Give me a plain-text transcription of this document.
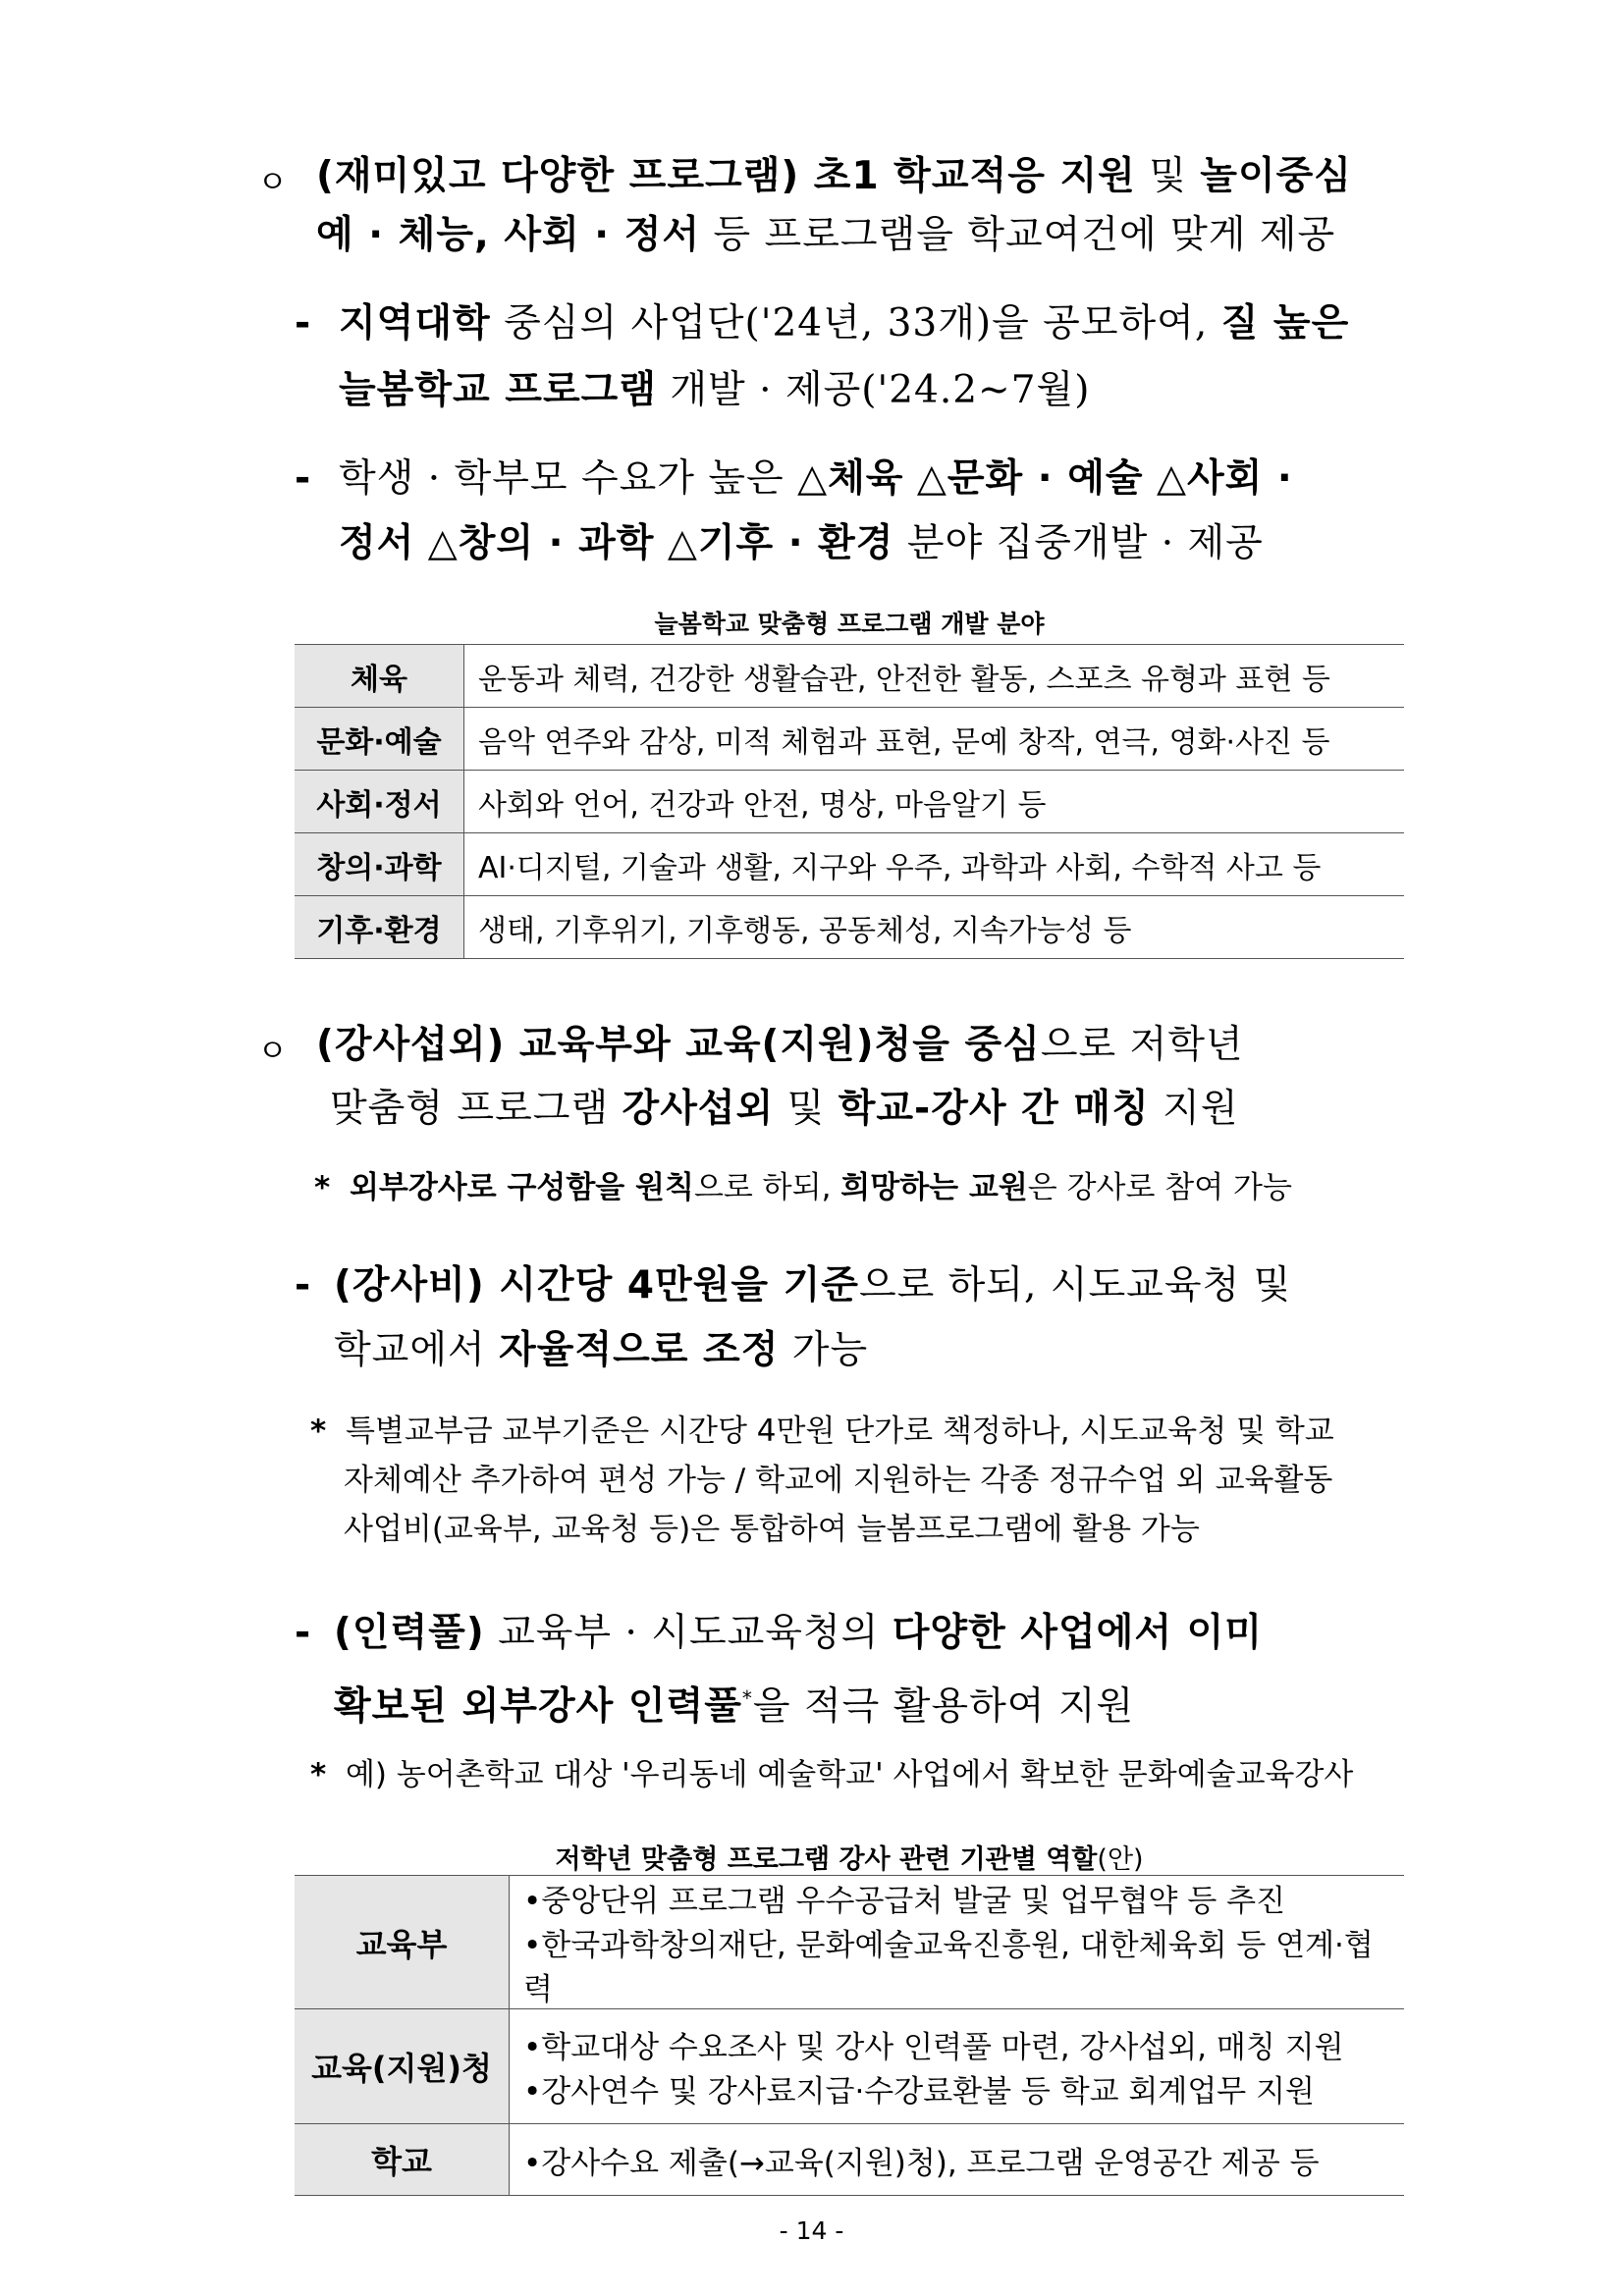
ㅇ (재미있고 다양한 프로그램) 초1 학교적응 지원 및 놀이중심
예 · 체능, 사회 · 정서 등 프로그램을 학교여건에 맞게 제공
- 지역대학 중심의 사업단('24년, 33개)을 공모하여, 질 높은
늘봄학교 프로그램 개발 · 제공('24.2~7월)
- 학생 · 학부모 수요가 높은 △체육 △문화 · 예술 △사회 ·
정서 △창의 · 과학 △기후 · 환경 분야 집중개발 · 제공
늘봄학교 맞춤형 프로그램 개발 분야
체육	운동과 체력, 건강한 생활습관, 안전한 활동, 스포츠 유형과 표현 등
문화·예술	음악 연주와 감상, 미적 체험과 표현, 문예 창작, 연극, 영화·사진 등
사회·정서	사회와 언어, 건강과 안전, 명상, 마음알기 등
창의·과학	AI·디지털, 기술과 생활, 지구와 우주, 과학과 사회, 수학적 사고 등
기후·환경	생태, 기후위기, 기후행동, 공동체성, 지속가능성 등
ㅇ (강사섭외) 교육부와 교육(지원)청을 중심으로 저학년
맞춤형 프로그램 강사섭외 및 학교-강사 간 매칭 지원
* 외부강사로 구성함을 원칙으로 하되, 희망하는 교원은 강사로 참여 가능
- (강사비) 시간당 4만원을 기준으로 하되, 시도교육청 및
학교에서 자율적으로 조정 가능
* 특별교부금 교부기준은 시간당 4만원 단가로 책정하나, 시도교육청 및 학교
자체예산 추가하여 편성 가능 / 학교에 지원하는 각종 정규수업 외 교육활동
사업비(교육부, 교육청 등)은 통합하여 늘봄프로그램에 활용 가능
- (인력풀) 교육부 · 시도교육청의 다양한 사업에서 이미
확보된 외부강사 인력풀*을 적극 활용하여 지원
* 예) 농어촌학교 대상 '우리동네 예술학교' 사업에서 확보한 문화예술교육강사
저학년 맞춤형 프로그램 강사 관련 기관별 역할(안)
교육부	•중앙단위 프로그램 우수공급처 발굴 및 업무협약 등 추진
•한국과학창의재단, 문화예술교육진흥원, 대한체육회 등 연계·협력

교육(지원)청	•학교대상 수요조사 및 강사 인력풀 마련, 강사섭외, 매칭 지원
•강사연수 및 강사료지급·수강료환불 등 학교 회계업무 지원

학교	•강사수요 제출(→교육(지원)청), 프로그램 운영공간 제공 등
- 14 -
